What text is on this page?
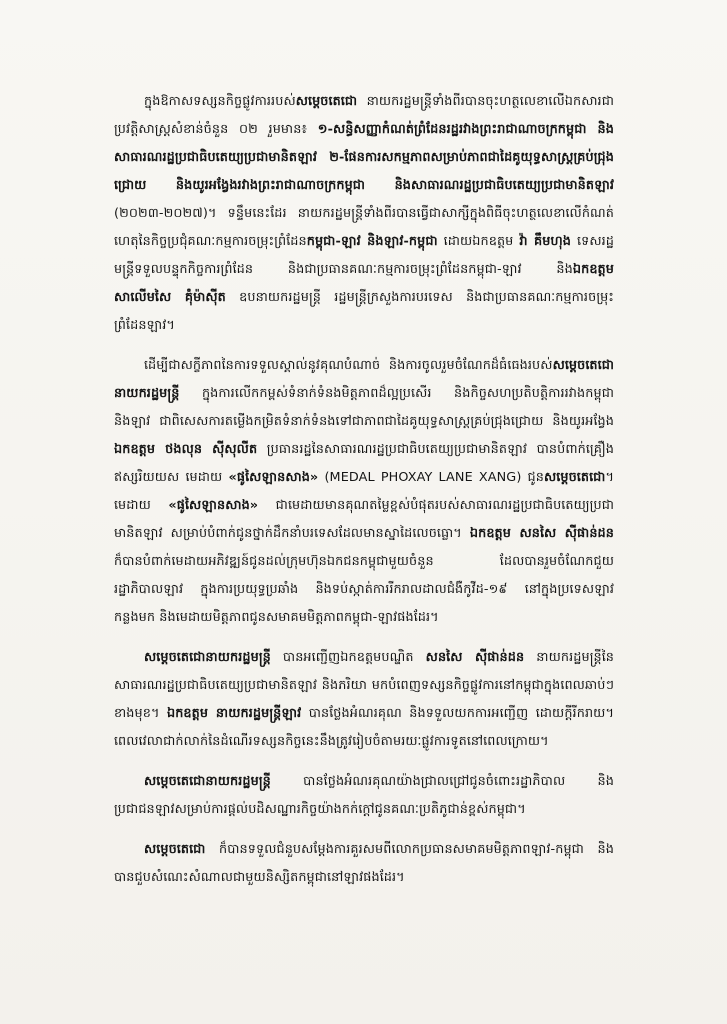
ក្នុងឱកាសទស្សនកិច្ចផ្លូវការរបស់សម្តេចតេជោ នាយករដ្ឋមន្ត្រីទាំងពីរបានចុះហត្ថលេខាលើឯកសារជាប្រវត្តិសាស្ត្រសំខាន់ចំនួន ០២ រួមមាន៖ ១-សន្ធិសញ្ញាកំណត់ព្រំដែនរដ្ឋរវាងព្រះរាជាណាចក្រកម្ពុជា និងសាធារណរដ្ឋប្រជាធិបតេយ្យប្រជាមានិតឡាវ ២-ផែនការសកម្មភាពសម្រាប់ភាពជាដៃគូយុទ្ធសាស្ត្រគ្រប់ជ្រុងជ្រោយ និងយូរអង្វែងរវាងព្រះរាជាណាចក្រកម្ពុជា និងសាធារណរដ្ឋប្រជាធិបតេយ្យប្រជាមានិតឡាវ (២០២៣-២០២៧)។ ទន្ទឹមនេះដែរ នាយករដ្ឋមន្ត្រីទាំងពីរបានធ្វើជាសាក្សីក្នុងពិធីចុះហត្ថលេខាលើកំណត់ហេតុនៃកិច្ចប្រជុំគណៈកម្មការចម្រុះព្រំដែនកម្ពុជា-ឡាវ និងឡាវ-កម្ពុជា ដោយឯកឧត្តម វ៉ា គឹមហុង ទេសរដ្ឋមន្ត្រីទទួលបន្ទុកកិច្ចការព្រំដែន និងជាប្រធានគណៈកម្មការចម្រុះព្រំដែនកម្ពុជា-ឡាវ និងឯកឧត្តម សាលើមសៃ គ៉ុំម៉ាស៊ីត ឧបនាយករដ្ឋមន្ត្រី រដ្ឋមន្ត្រីក្រសួងការបរទេស និងជាប្រធានគណៈកម្មការចម្រុះព្រំដែនឡាវ។

ដើម្បីជាសក្ខីភាពនៃការទទួលស្គាល់នូវគុណបំណាច់ និងការចូលរួមចំណែកដ៏ធំធេងរបស់សម្តេចតេជោនាយករដ្ឋមន្ត្រី ក្នុងការលើកកម្ពស់ទំនាក់ទំនងមិត្តភាពដ៏ល្អប្រសើរ និងកិច្ចសហប្រតិបត្តិការរវាងកម្ពុជា និងឡាវ ជាពិសេសការតម្លើងកម្រិតទំនាក់ទំនងទៅជាភាពជាដៃគូយុទ្ធសាស្ត្រគ្រប់ជ្រុងជ្រោយ និងយូរអង្វែង ឯកឧត្តម ថងលុន ស៊ីសុលីត ប្រធានរដ្ឋនៃសាធារណរដ្ឋប្រជាធិបតេយ្យប្រជាមានិតឡាវ បានបំពាក់គ្រឿងឥស្សរិយយស មេដាយ «ផូសៃឡានសាង» (MEDAL PHOXAY LANE XANG) ជូនសម្តេចតេជោ។ មេដាយ «ផូសៃឡានសាង» ជាមេដាយមានគុណតម្លៃខ្ពស់បំផុតរបស់សាធារណរដ្ឋប្រជាធិបតេយ្យប្រជាមានិតឡាវ សម្រាប់បំពាក់ជូនថ្នាក់ដឹកនាំបរទេសដែលមានស្នាដៃលេចធ្លោ។ ឯកឧត្តម សនសៃ ស៊ីផាន់ដន ក៏បានបំពាក់មេដាយអភិវឌ្ឍន៍ជូនដល់ក្រុមហ៊ុនឯកជនកម្ពុជាមួយចំនួន ដែលបានរួមចំណែកជួយរដ្ឋាភិបាលឡាវ ក្នុងការប្រយុទ្ធប្រឆាំង និងទប់ស្កាត់ការរីករាលដាលជំងឺកូវីដ-១៩ នៅក្នុងប្រទេសឡាវកន្លងមក និងមេដាយមិត្តភាពជូនសមាគមមិត្តភាពកម្ពុជា-ឡាវផងដែរ។

សម្តេចតេជោនាយករដ្ឋមន្ត្រី បានអញ្ជើញឯកឧត្តមបណ្ឌិត សនសៃ ស៊ីផាន់ដន នាយករដ្ឋមន្ត្រីនៃសាធារណរដ្ឋប្រជាធិបតេយ្យប្រជាមានិតឡាវ និងភរិយា មកបំពេញទស្សនកិច្ចផ្លូវការនៅកម្ពុជាក្នុងពេលឆាប់ៗខាងមុខ។ ឯកឧត្តម នាយករដ្ឋមន្ត្រីឡាវ បានថ្លែងអំណរគុណ និងទទួលយកការអញ្ជើញ ដោយក្តីរីករាយ។ ពេលវេលាជាក់លាក់នៃដំណើរទស្សនកិច្ចនេះនឹងត្រូវរៀបចំតាមរយៈផ្លូវការទូតនៅពេលក្រោយ។

សម្តេចតេជោនាយករដ្ឋមន្ត្រី បានថ្លែងអំណរគុណយ៉ាងជ្រាលជ្រៅជូនចំពោះរដ្ឋាភិបាល និងប្រជាជនឡាវសម្រាប់ការផ្តល់បដិសណ្ឋារកិច្ចយ៉ាងកក់ក្តៅជូនគណៈប្រតិភូជាន់ខ្ពស់កម្ពុជា។

សម្តេចតេជោ ក៏បានទទួលជំនួបសម្តែងការគួរសមពីលោកប្រធានសមាគមមិត្តភាពឡាវ-កម្ពុជា និងបានជួបសំណេះសំណាលជាមួយនិស្សិតកម្ពុជានៅឡាវផងដែរ។
